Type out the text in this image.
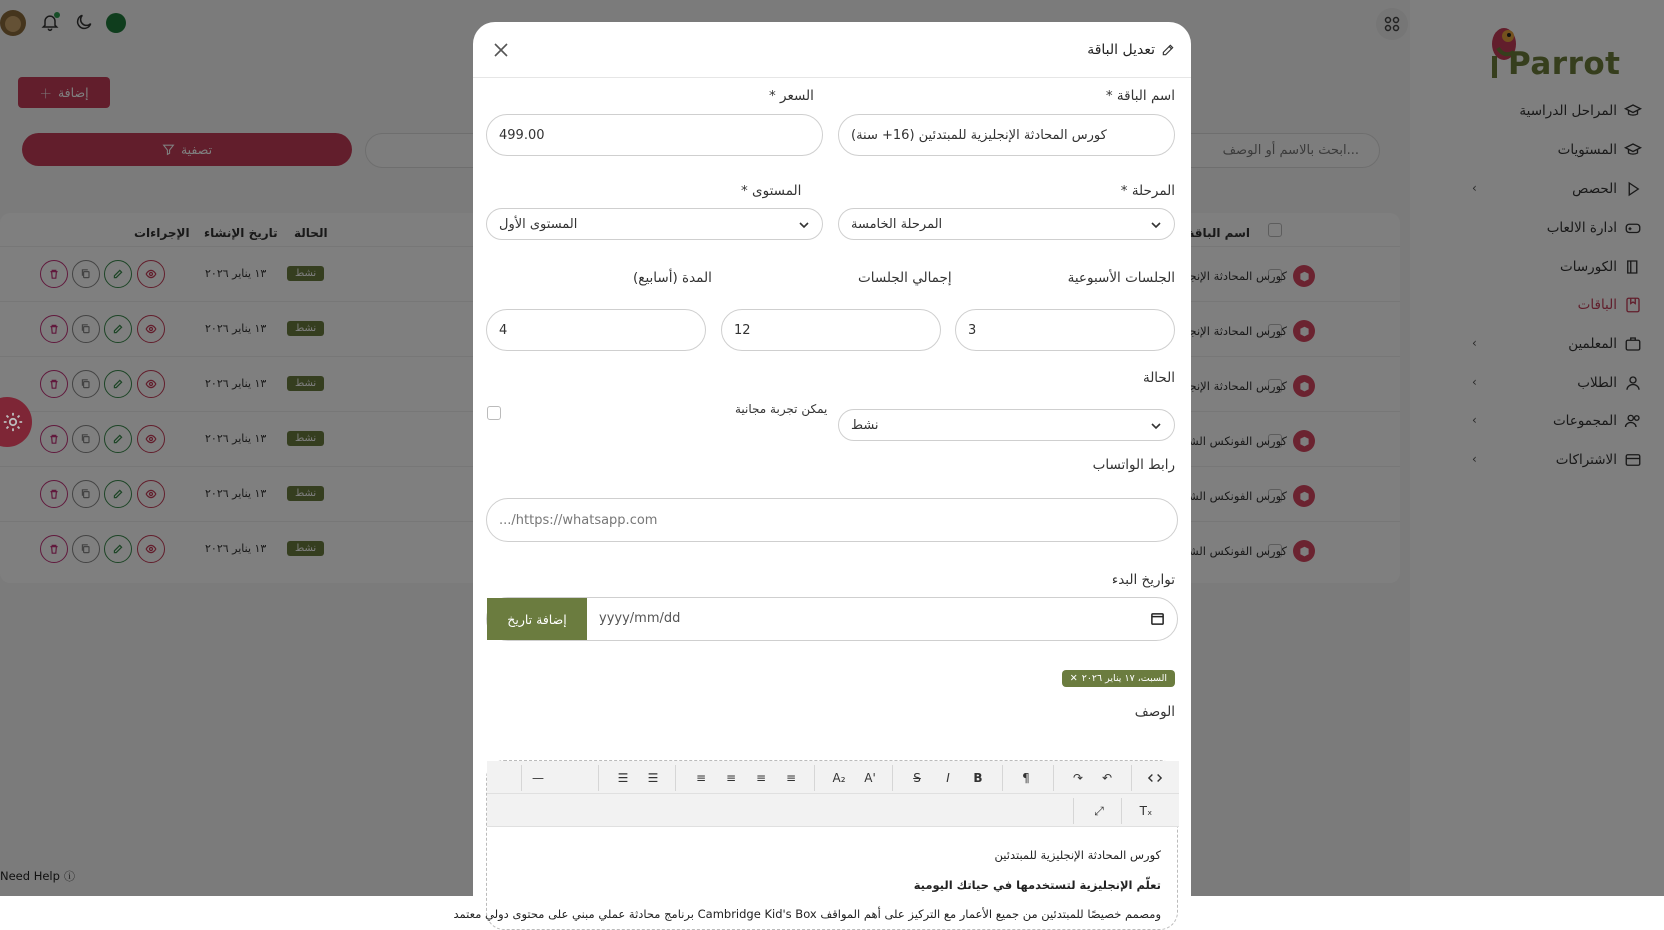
تعديل الباقة
اسم الباقة *
كورس المحادثة الإنجليزية للمبتدئين (16+ سنة)
السعر *
499.00
المرحلة *
المرحلة الخامسة
المستوى *
المستوى الأول
الجلسات الأسبوعية
3
إجمالي الجلسات
12
المدة (أسابيع)
4
الحالة
نشط
يمكن تجربة مجانية
رابط الواتساب
https://whatsapp.com/...
تواريخ البدء
إضافة تاريخ	yyyy/mm/dd
✕ السبت، ١٧ يناير ٢٠٢٦
الوصف
↶
↷
¶
B
I
S
A'
A₂
≡
≡
≡
≡
☰
☰
—
Tₓ
⤢
كورس المحادثة الإنجليزية للمبتدئين
تعلّم الإنجليزية لتستخدمها في حياتك اليومية
ومصمم خصيصًا للمبتدئين من جميع الأعمار مع التركيز على أهم المواقف Cambridge Kid's Box برنامج محادثة عملي مبني على محتوى دولي معتمد
